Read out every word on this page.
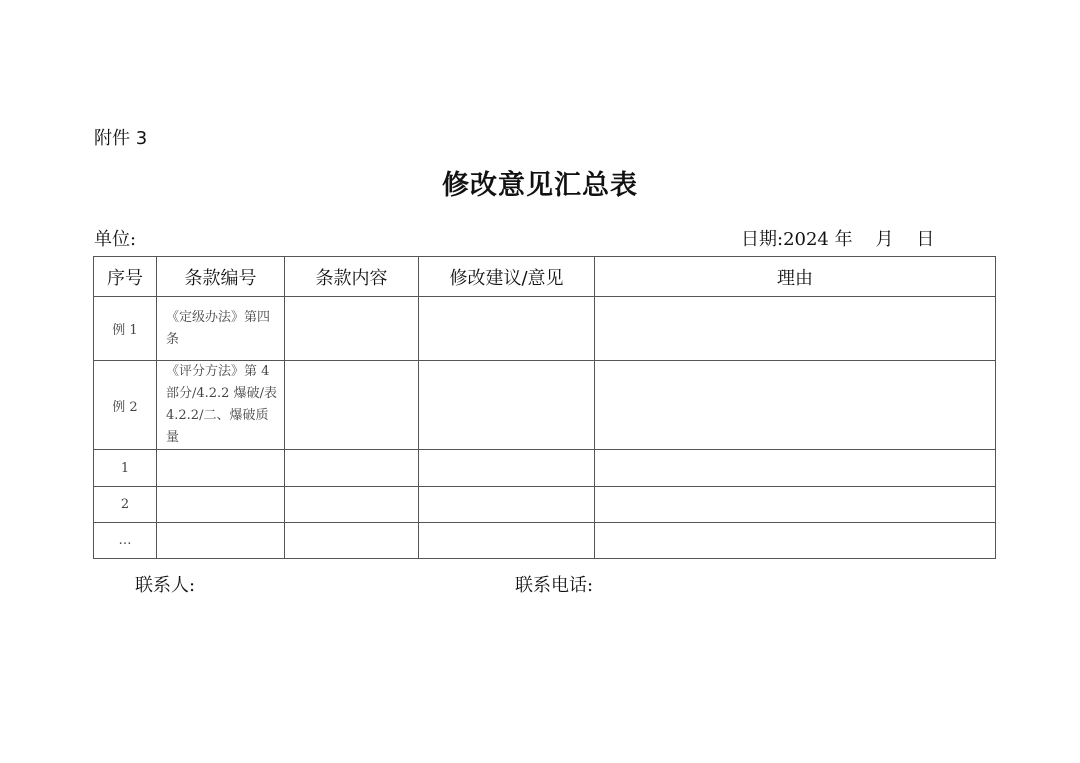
附件 3
修改意见汇总表
单位:	日期:2024 年    月    日
序号	条款编号	条款内容	修改建议/意见	理由
例 1	《定级办法》第四条			
例 2	《评分方法》第 4 部分/4.2.2 爆破/表 4.2.2/二、爆破质量			
1				
2				
…				
联系人:	联系电话:
